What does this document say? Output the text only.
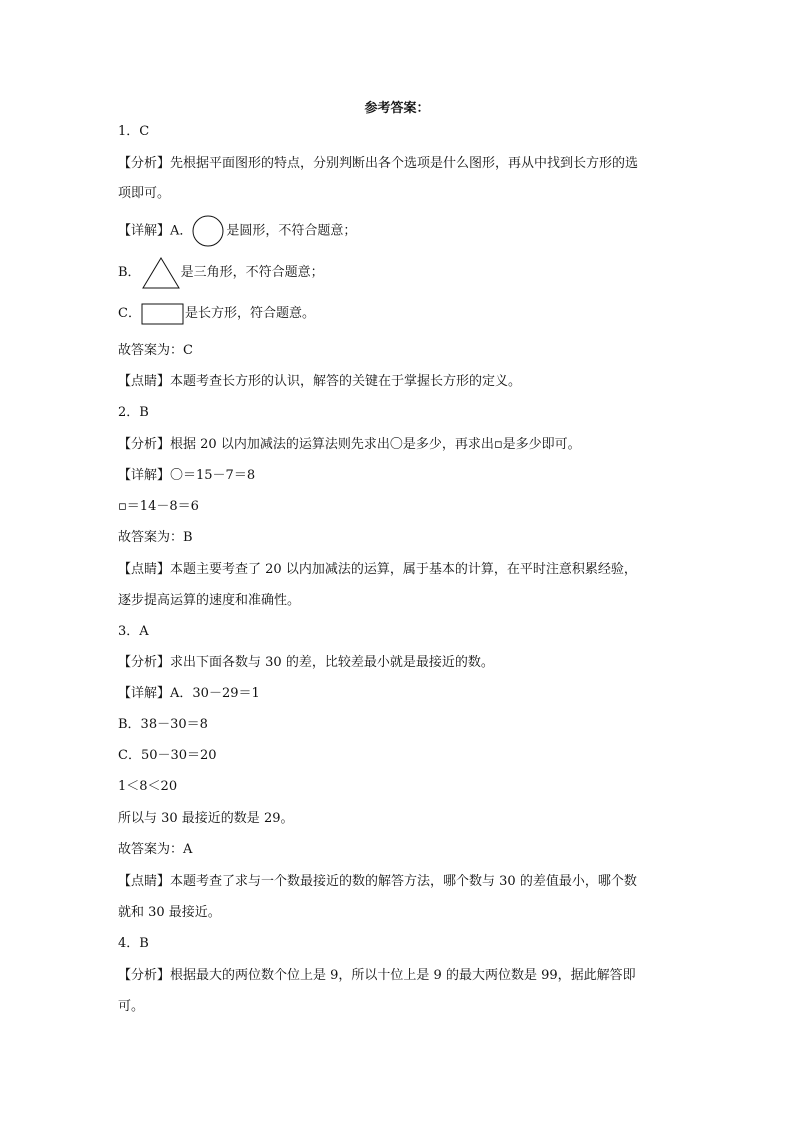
参考答案：
1．C
【分析】先根据平面图形的特点，分别判断出各个选项是什么图形，再从中找到长方形的选
项即可。
【详解】A．	是圆形，不符合题意；
B．	是三角形，不符合题意；
C．	是长方形，符合题意。
故答案为：C
【点睛】本题考查长方形的认识，解答的关键在于掌握长方形的定义。
2．B
【分析】根据 20 以内加减法的运算法则先求出〇是多少，再求出▫是多少即可。
【详解】〇＝15－7＝8
▫＝14－8＝6
故答案为：B
【点睛】本题主要考查了 20 以内加减法的运算，属于基本的计算，在平时注意积累经验，
逐步提高运算的速度和准确性。
3．A
【分析】求出下面各数与 30 的差，比较差最小就是最接近的数。
【详解】A．30－29＝1
B．38－30＝8
C．50－30＝20
1＜8＜20
所以与 30 最接近的数是 29。
故答案为：A
【点睛】本题考查了求与一个数最接近的数的解答方法，哪个数与 30 的差值最小，哪个数
就和 30 最接近。
4．B
【分析】根据最大的两位数个位上是 9，所以十位上是 9 的最大两位数是 99，据此解答即
可。
